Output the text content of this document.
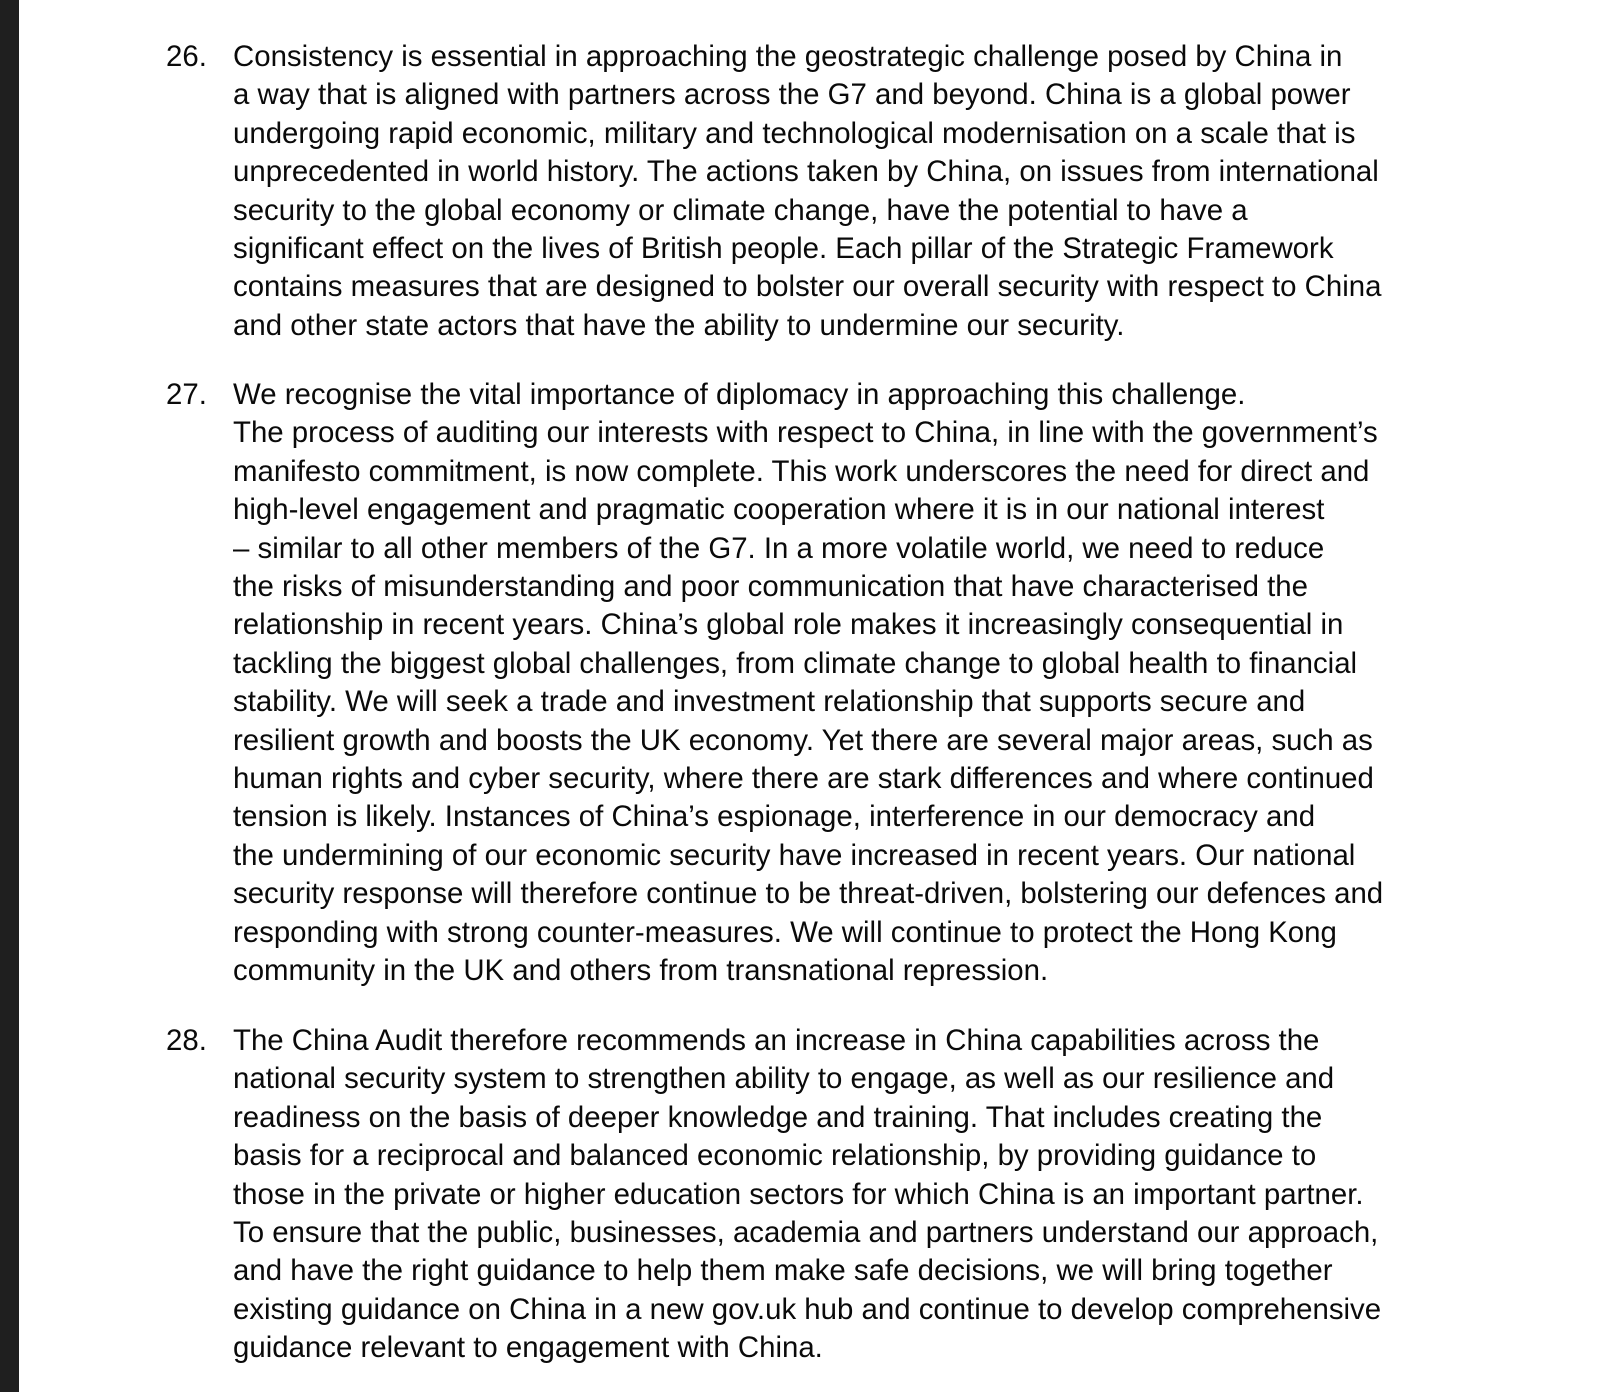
26. Consistency is essential in approaching the geostrategic challenge posed by China in
a way that is aligned with partners across the G7 and beyond. China is a global power
undergoing rapid economic, military and technological modernisation on a scale that is
unprecedented in world history. The actions taken by China, on issues from international
security to the global economy or climate change, have the potential to have a
significant effect on the lives of British people. Each pillar of the Strategic Framework
contains measures that are designed to bolster our overall security with respect to China
and other state actors that have the ability to undermine our security.
27. We recognise the vital importance of diplomacy in approaching this challenge.
The process of auditing our interests with respect to China, in line with the government’s
manifesto commitment, is now complete. This work underscores the need for direct and
high-level engagement and pragmatic cooperation where it is in our national interest
– similar to all other members of the G7. In a more volatile world, we need to reduce
the risks of misunderstanding and poor communication that have characterised the
relationship in recent years. China’s global role makes it increasingly consequential in
tackling the biggest global challenges, from climate change to global health to financial
stability. We will seek a trade and investment relationship that supports secure and
resilient growth and boosts the UK economy. Yet there are several major areas, such as
human rights and cyber security, where there are stark differences and where continued
tension is likely. Instances of China’s espionage, interference in our democracy and
the undermining of our economic security have increased in recent years. Our national
security response will therefore continue to be threat-driven, bolstering our defences and
responding with strong counter-measures. We will continue to protect the Hong Kong
community in the UK and others from transnational repression.
28. The China Audit therefore recommends an increase in China capabilities across the
national security system to strengthen ability to engage, as well as our resilience and
readiness on the basis of deeper knowledge and training. That includes creating the
basis for a reciprocal and balanced economic relationship, by providing guidance to
those in the private or higher education sectors for which China is an important partner.
To ensure that the public, businesses, academia and partners understand our approach,
and have the right guidance to help them make safe decisions, we will bring together
existing guidance on China in a new gov.uk hub and continue to develop comprehensive
guidance relevant to engagement with China.
